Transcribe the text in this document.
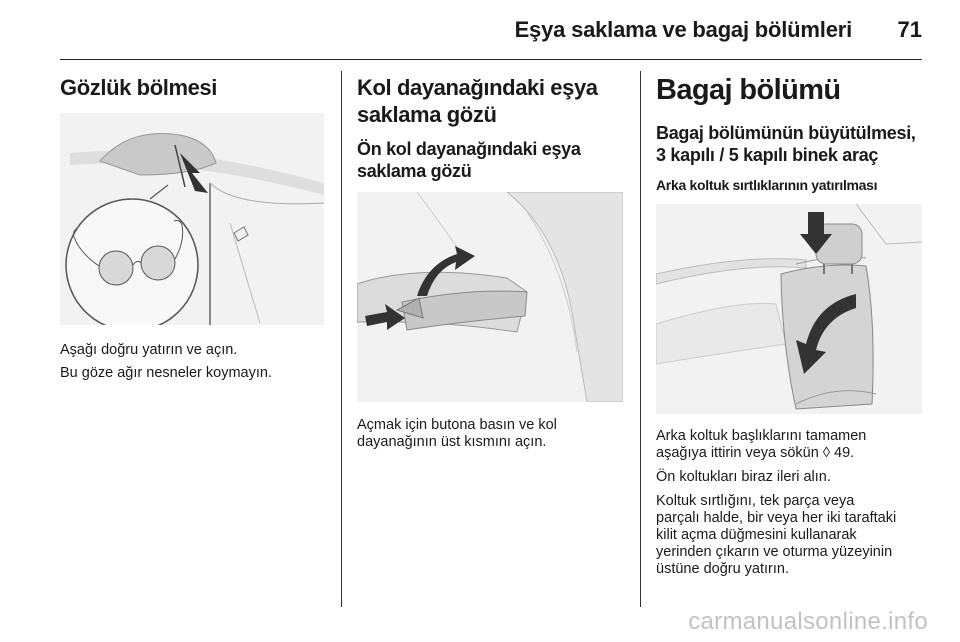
Eşya saklama ve bagaj bölümleri 71
Gözlük bölmesi

Aşağı doğru yatırın ve açın.

Bu göze ağır nesneler koymayın.

Kol dayanağındaki eşya
saklama gözü
Ön kol dayanağındaki eşya
saklama gözü

Açmak için butona basın ve kol
dayanağının üst kısmını açın.

Bagaj bölümü
Bagaj bölümünün büyütülmesi,
3 kapılı / 5 kapılı binek araç
Arka koltuk sırtlıklarının yatırılması

Arka koltuk başlıklarını tamamen
aşağıya ittirin veya sökün ◊ 49.

Ön koltukları biraz ileri alın.

Koltuk sırtlığını, tek parça veya
parçalı halde, bir veya her iki taraftaki
kilit açma düğmesini kullanarak
yerinden çıkarın ve oturma yüzeyinin
üstüne doğru yatırın.

carmanualsonline.info
